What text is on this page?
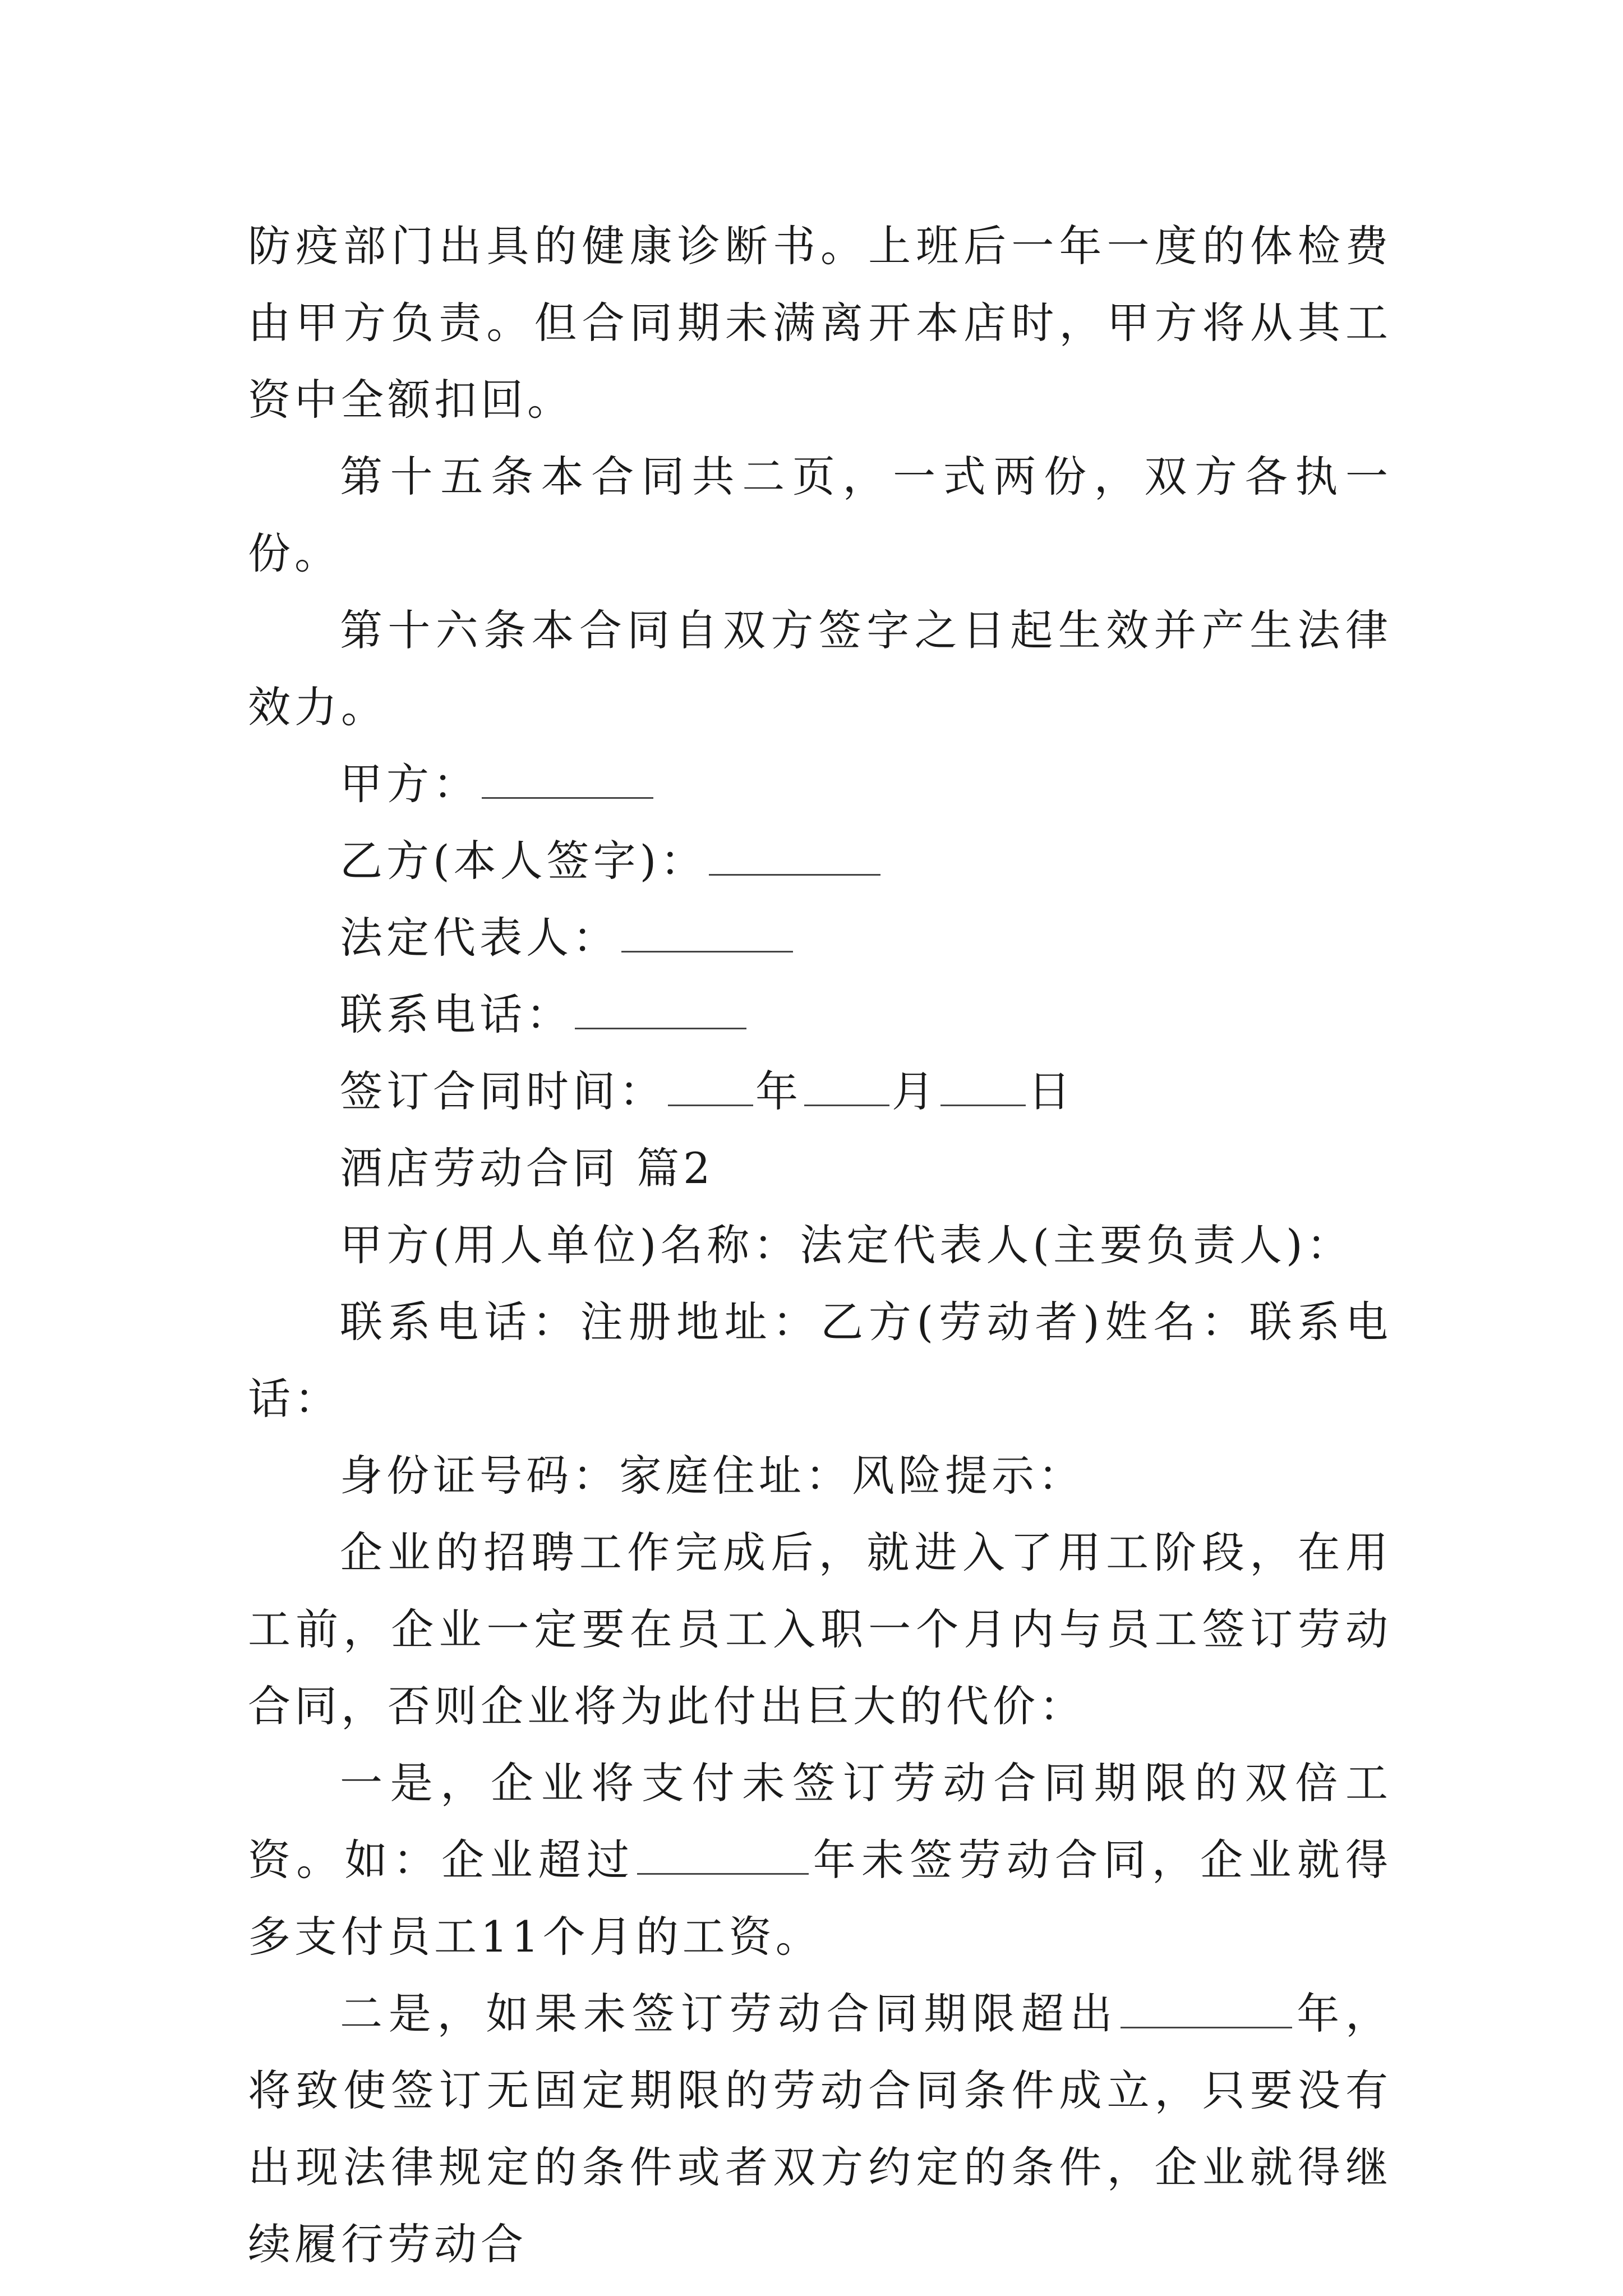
防疫部门出具的健康诊断书。上班后一年一度的体检费由甲方负责。但合同期未满离开本店时，甲方将从其工资中全额扣回。

第十五条本合同共二页，一式两份，双方各执一份。

第十六条本合同自双方签字之日起生效并产生法律效力。

甲方：

乙方(本人签字)：

法定代表人：

联系电话：

签订合同时间： 年 月 日

酒店劳动合同 篇2

甲方(用人单位)名称：法定代表人(主要负责人)：

联系电话：注册地址：乙方(劳动者)姓名：联系电话：

身份证号码：家庭住址：风险提示：

企业的招聘工作完成后，就进入了用工阶段，在用工前，企业一定要在员工入职一个月内与员工签订劳动合同，否则企业将为此付出巨大的代价：

一是，企业将支付未签订劳动合同期限的双倍工资。如：企业超过	年未签劳动合同，企业就得多支付员工11个月的工资。

二是，如果未签订劳动合同期限超出	年，将致使签订无固定期限的劳动合同条件成立，只要没有出现法律规定的条件或者双方约定的条件，企业就得继续履行劳动合
